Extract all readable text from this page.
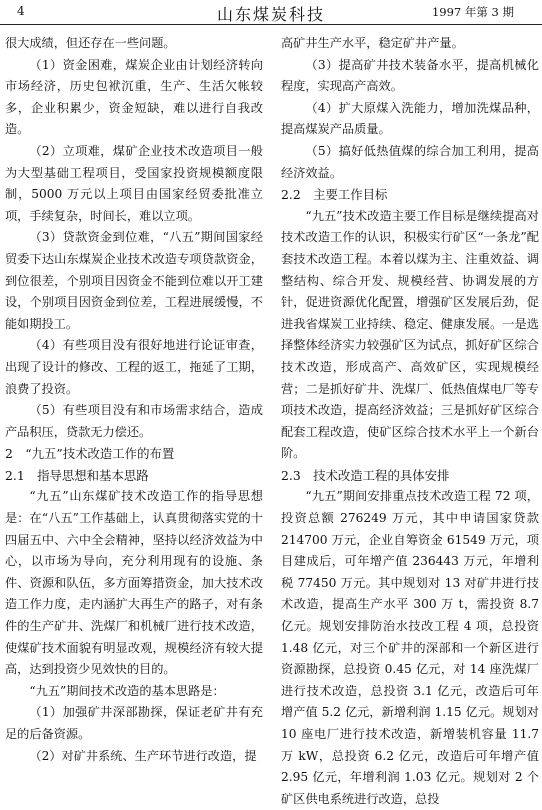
4	山东煤炭科技	1997 年第 3 期

很大成绩，但还存在一些问题。

（1）资金困难，煤炭企业由计划经济转向市场经济，历史包袱沉重，生产、生活欠帐较多，企业积累少，资金短缺，难以进行自我改造。

（2）立项难，煤矿企业技术改造项目一般为大型基础工程项目，受国家投资规模额度限制，5000 万元以上项目由国家经贸委批准立项，手续复杂，时间长，难以立项。

（3）贷款资金到位难，“八五”期间国家经贸委下达山东煤炭企业技术改造专项贷款资金，到位很差，个别项目因资金不能到位难以开工建设，个别项目因资金到位差，工程进展缓慢，不能如期投工。

（4）有些项目没有很好地进行论证审查，出现了设计的修改、工程的返工，拖延了工期，浪费了投资。

（5）有些项目没有和市场需求结合，造成产品积压，贷款无力偿还。

2　“九五”技术改造工作的布置
2.1　指导思想和基本思路

“九五”山东煤矿技术改造工作的指导思想是：在“八五”工作基础上，认真贯彻落实党的十四届五中、六中全会精神，坚持以经济效益为中心，以市场为导向，充分利用现有的设施、条件、资源和队伍，多方面筹措资金，加大技术改造工作力度，走内涵扩大再生产的路子，对有条件的生产矿井、洗煤厂和机械厂进行技术改造，使煤矿技术面貌有明显改观，规模经济有较大提高，达到投资少见效快的目的。

“九五”期间技术改造的基本思路是：

（1）加强矿井深部勘探，保证老矿井有充足的后备资源。

（2）对矿井系统、生产环节进行改造，提

高矿井生产水平，稳定矿井产量。

（3）提高矿井技术装备水平，提高机械化程度，实现高产高效。

（4）扩大原煤入洗能力，增加洗煤品种，提高煤炭产品质量。

（5）搞好低热值煤的综合加工利用，提高经济效益。

2.2　主要工作目标

“九五”技术改造主要工作目标是继续提高对技术改造工作的认识，积极实行矿区“一条龙”配套技术改造工程。本着以煤为主、注重效益、调整结构、综合开发、规模经营、协调发展的方针，促进资源优化配置，增强矿区发展后劲，促进我省煤炭工业持续、稳定、健康发展。一是选择整体经济实力较强矿区为试点，抓好矿区综合技术改造，形成高产、高效矿区，实现规模经营；二是抓好矿井、洗煤厂、低热值煤电厂等专项技术改造，提高经济效益；三是抓好矿区综合配套工程改造，使矿区综合技术水平上一个新台阶。

2.3　技术改造工程的具体安排

“九五”期间安排重点技术改造工程 72 项，投资总额 276249 万元，其中申请国家贷款 214700 万元，企业自筹资金 61549 万元，项目建成后，可年增产值 236443 万元，年增利税 77450 万元。其中规划对 13 对矿井进行技术改造，提高生产水平 300 万 t，需投资 8.7 亿元。规划安排防治水技改工程 4 项，总投资 1.48 亿元，对三个矿井的深部和一个新区进行资源勘探，总投资 0.45 亿元，对 14 座洗煤厂进行技术改造，总投资 3.1 亿元，改造后可年增产值 5.2 亿元，新增利润 1.15 亿元。规划对 10 座电厂进行技术改造，新增装机容量 11.7 万 kW，总投资 6.2 亿元，改造后可年增产值 2.95 亿元，年增利润 1.03 亿元。规划对 2 个矿区供电系统进行改造，总投
